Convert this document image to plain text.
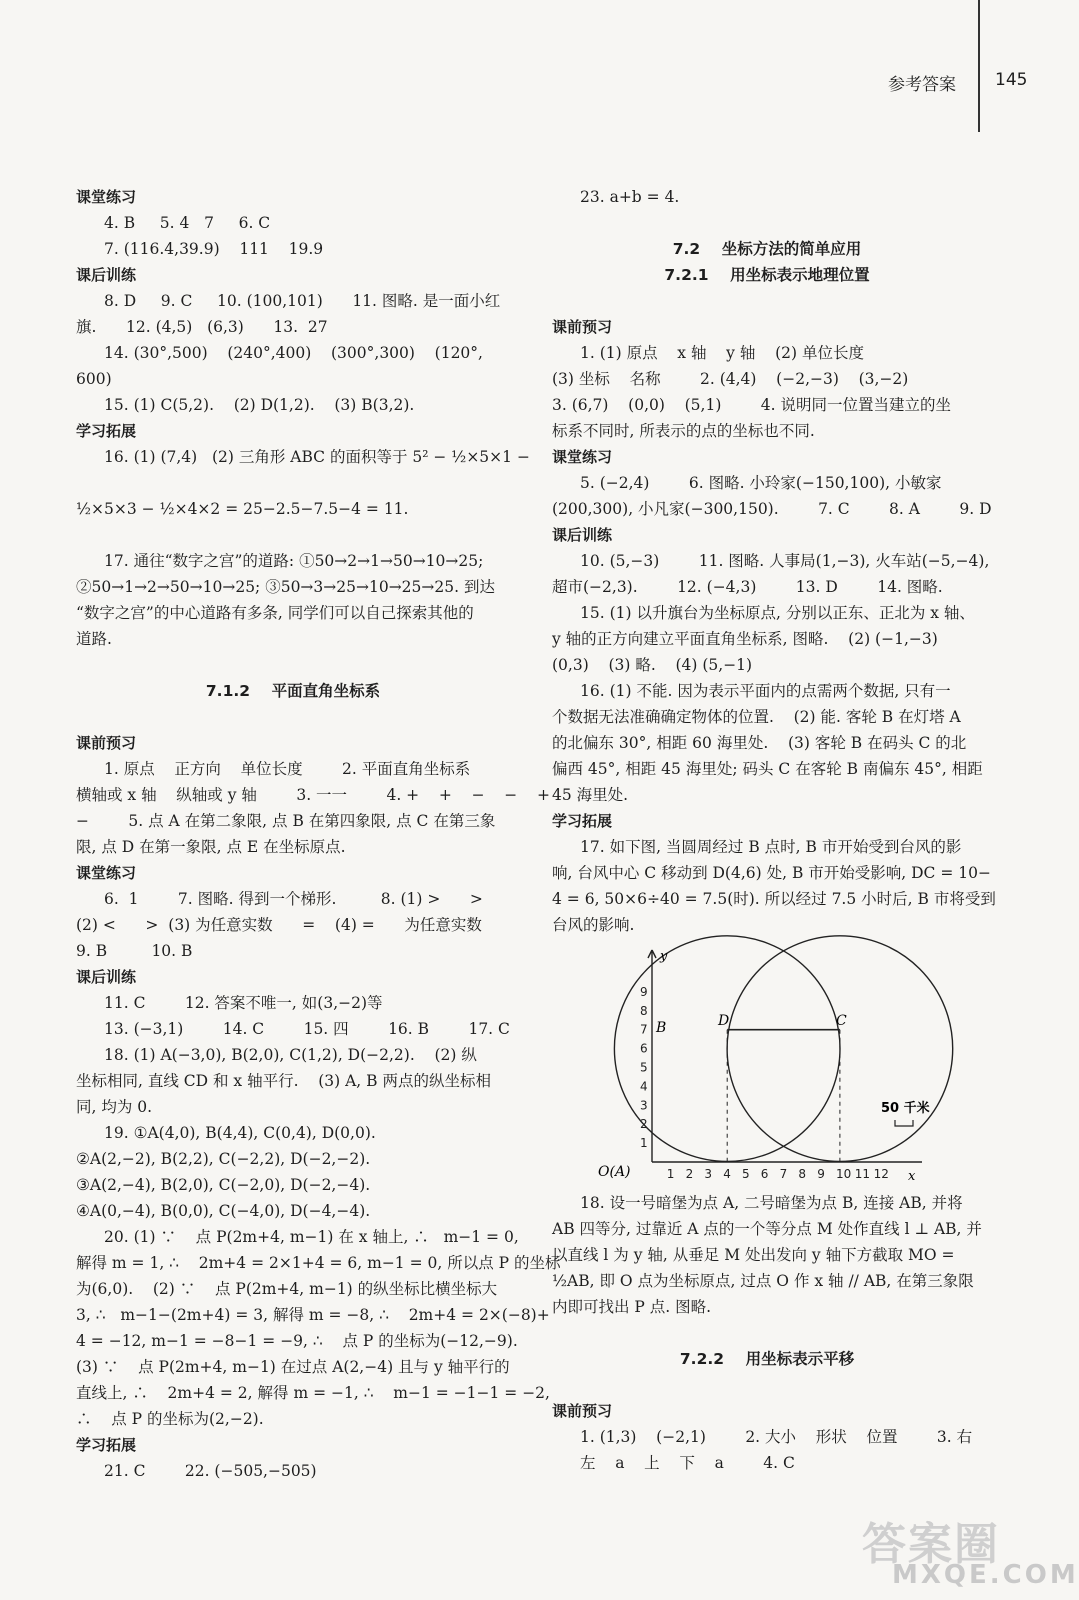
参考答案 145
课堂练习
4. B     5. 4   7     6. C
7. (116.4,39.9)    111    19.9
课后训练
8. D     9. C     10. (100,101)      11. 图略. 是一面小红
旗.      12. (4,5)   (6,3)      13.  27
14. (30°,500)    (240°,400)    (300°,300)    (120°,
600)
15. (1) C(5,2).    (2) D(1,2).    (3) B(3,2).
学习拓展
16. (1) (7,4)   (2) 三角形 ABC 的面积等于 5² − ½×5×1 −
½×5×3 − ½×4×2 = 25−2.5−7.5−4 = 11.
17. 通往“数字之宫”的道路: ①50→2→1→50→10→25;
②50→1→2→50→10→25; ③50→3→25→10→25→25. 到达
“数字之宫”的中心道路有多条, 同学们可以自己探索其他的
道路.
7.1.2    平面直角坐标系
课前预习
1. 原点    正方向    单位长度        2. 平面直角坐标系
横轴或 x 轴    纵轴或 y 轴        3. 一一        4. +    +    −    −    +
−        5. 点 A 在第二象限, 点 B 在第四象限, 点 C 在第三象
限, 点 D 在第一象限, 点 E 在坐标原点.
课堂练习
6.  1        7. 图略. 得到一个梯形.         8. (1) >      >
(2) <      >  (3) 为任意实数      =    (4) =      为任意实数
9. B         10. B
课后训练
11. C        12. 答案不唯一, 如(3,−2)等
13. (−3,1)        14. C        15. 四        16. B        17. C
18. (1) A(−3,0), B(2,0), C(1,2), D(−2,2).    (2) 纵
坐标相同, 直线 CD 和 x 轴平行.    (3) A, B 两点的纵坐标相
同, 均为 0.
19. ①A(4,0), B(4,4), C(0,4), D(0,0).
②A(2,−2), B(2,2), C(−2,2), D(−2,−2).
③A(2,−4), B(2,0), C(−2,0), D(−2,−4).
④A(0,−4), B(0,0), C(−4,0), D(−4,−4).
20. (1) ∵    点 P(2m+4, m−1) 在 x 轴上, ∴   m−1 = 0,
解得 m = 1, ∴    2m+4 = 2×1+4 = 6, m−1 = 0, 所以点 P 的坐标
为(6,0).    (2) ∵    点 P(2m+4, m−1) 的纵坐标比横坐标大
3, ∴   m−1−(2m+4) = 3, 解得 m = −8, ∴    2m+4 = 2×(−8)+
4 = −12, m−1 = −8−1 = −9, ∴    点 P 的坐标为(−12,−9).
(3) ∵    点 P(2m+4, m−1) 在过点 A(2,−4) 且与 y 轴平行的
直线上, ∴    2m+4 = 2, 解得 m = −1, ∴    m−1 = −1−1 = −2,
∴    点 P 的坐标为(2,−2).
学习拓展
21. C        22. (−505,−505)
23. a+b = 4.
7.2    坐标方法的简单应用
7.2.1    用坐标表示地理位置
课前预习
1. (1) 原点    x 轴    y 轴    (2) 单位长度
(3) 坐标    名称        2. (4,4)    (−2,−3)    (3,−2)
3. (6,7)    (0,0)    (5,1)        4. 说明同一位置当建立的坐
标系不同时, 所表示的点的坐标也不同.
课堂练习
5. (−2,4)        6. 图略. 小玲家(−150,100), 小敏家
(200,300), 小凡家(−300,150).        7. C        8. A        9. D
课后训练
10. (5,−3)        11. 图略. 人事局(1,−3), 火车站(−5,−4),
超市(−2,3).        12. (−4,3)        13. D        14. 图略.
15. (1) 以升旗台为坐标原点, 分别以正东、正北为 x 轴、
y 轴的正方向建立平面直角坐标系, 图略.    (2) (−1,−3)
(0,3)    (3) 略.    (4) (5,−1)
16. (1) 不能. 因为表示平面内的点需两个数据, 只有一
个数据无法准确确定物体的位置.    (2) 能. 客轮 B 在灯塔 A
的北偏东 30°, 相距 60 海里处.    (3) 客轮 B 在码头 C 的北
偏西 45°, 相距 45 海里处; 码头 C 在客轮 B 南偏东 45°, 相距
45 海里处.
学习拓展
17. 如下图, 当圆周经过 B 点时, B 市开始受到台风的影
响, 台风中心 C 移动到 D(4,6) 处, B 市开始受影响, DC = 10−
4 = 6, 50×6÷40 = 7.5(时). 所以经过 7.5 小时后, B 市将受到
台风的影响.
1 2 3 4 5 6 7 8 9 10 11 12
1
2
3
4
5
6
7
8
9
O(A)	x
y
B	D	C
50 千米
18. 设一号暗堡为点 A, 二号暗堡为点 B, 连接 AB, 并将
AB 四等分, 过靠近 A 点的一个等分点 M 处作直线 l ⊥ AB, 并
以直线 l 为 y 轴, 从垂足 M 处出发向 y 轴下方截取 MO =
½AB, 即 O 点为坐标原点, 过点 O 作 x 轴 // AB, 在第三象限
内即可找出 P 点. 图略.
7.2.2    用坐标表示平移
课前预习
1. (1,3)    (−2,1)        2. 大小    形状    位置        3. 右
左    a    上    下    a        4. C
答案圈
MXQE.COM
